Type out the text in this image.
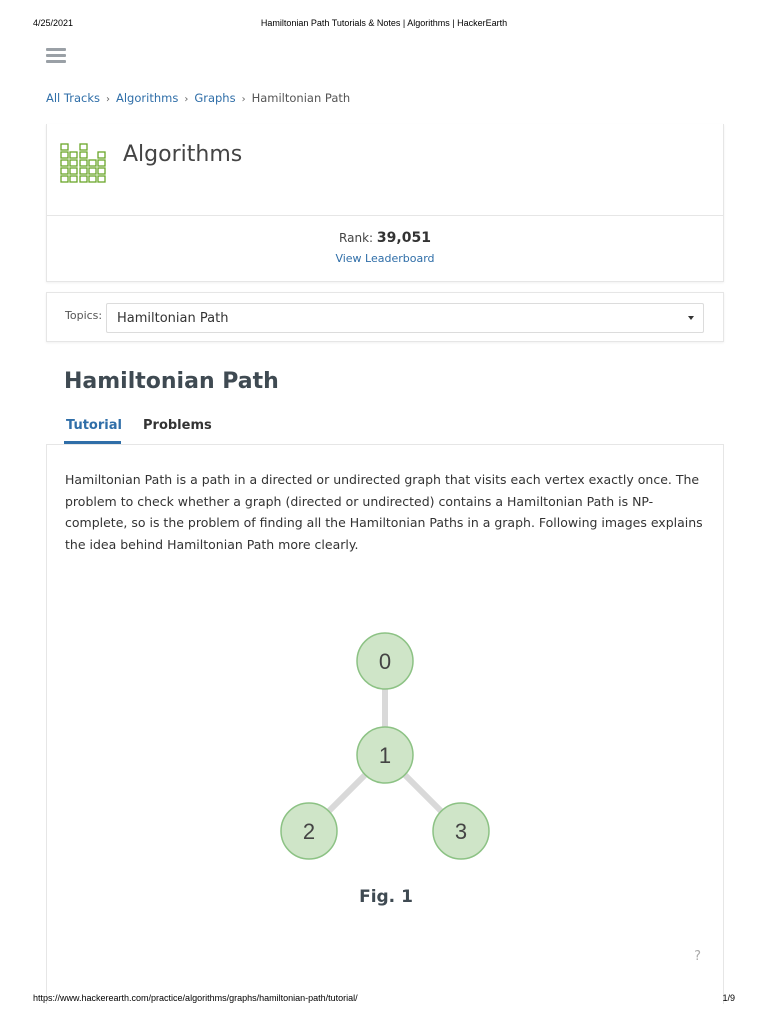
4/25/2021	Hamiltonian Path Tutorials & Notes | Algorithms | HackerEarth
All Tracks › Algorithms › Graphs › Hamiltonian Path
Algorithms
Rank: 39,051
View Leaderboard
Topics: Hamiltonian Path
Hamiltonian Path
Tutorial Problems

Hamiltonian Path is a path in a directed or undirected graph that visits each vertex exactly once. The problem to check whether a graph (directed or undirected) contains a Hamiltonian Path is NP-complete, so is the problem of finding all the Hamiltonian Paths in a graph. Following images explains the idea behind Hamiltonian Path more clearly.

0
1
2	3
Fig. 1
?
https://www.hackerearth.com/practice/algorithms/graphs/hamiltonian-path/tutorial/	1/9
